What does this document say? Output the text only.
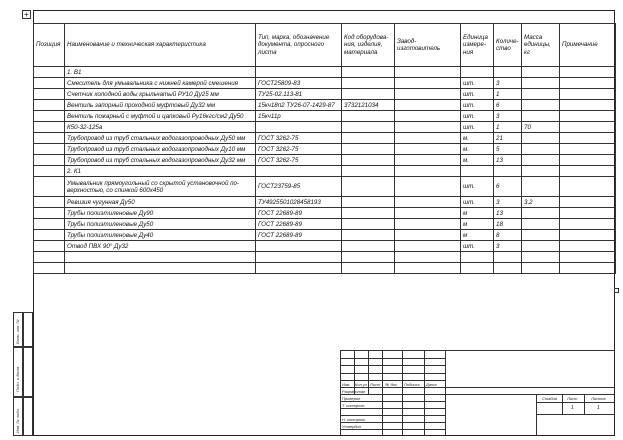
+
Позиция	Наименование и техническая характеристика	Тип, марка, обозначение документа, опросного листа	Код оборудова-ния, изделия, материала	Завод-изготовитель	Единица измере-ния	Количе-ство	Масса единицы, кг	Примечание
	1. В1							
	Смеситель для умывальника с нижней камерой смешения	ГОСТ25809-83			шт.	3		
	Счетчик холодной воды крыльчатый РУ10 Ду25 мм	ТУ25-02.113-81			шт.	1		
	Вентиль запорный проходной муфтовый Ду32 мм	15кч18п2 ТУ26-07-1429-87	3732121034		шт.	6		
	Вентиль пожарный с муфтой и цапковый Ру16кгс/см2 Ду50	15кч11р			шт.	3		
	К50-32-125а				шт.	1	70	
	Трубопровод из труб стальных водогазопроводных Ду50 мм	ГОСТ 3262-75			м.	21		
	Трубопровод из труб стальных водогазопроводных Ду10 мм	ГОСТ 3262-75			м.	5		
	Трубопровод из труб стальных водогазопроводных Ду32 мм	ГОСТ 3262-75			м.	13		
	2. К1							
	Умывальник прямоугольный со скрытой установочной по-верхностью, со спинкой 600х450	ГОСТ23759-85			шт.	6		
	Ревизия чугунная Ду50	ТУ4925501028458193			шт.	3	3,2	
	Трубы полиэтиленовые Ду90	ГОСТ 22689-89			м	13		
	Трубы полиэтиленовые Ду50	ГОСТ 22689-89			м	18		
	Трубы полиэтиленовые Ду40	ГОСТ 22689-89			м	8		
	Отвод ПВХ 90° Ду32				шт.	3		

Взам. инв. №
Подп. и дата
Инв. № подл.
Изм. Кол.уч Лист № док Подпись Дата
Разработал
Проверил
Т. контроль
Н. контроль
Утвердил
Стадия	Лист	Листов
1	1
